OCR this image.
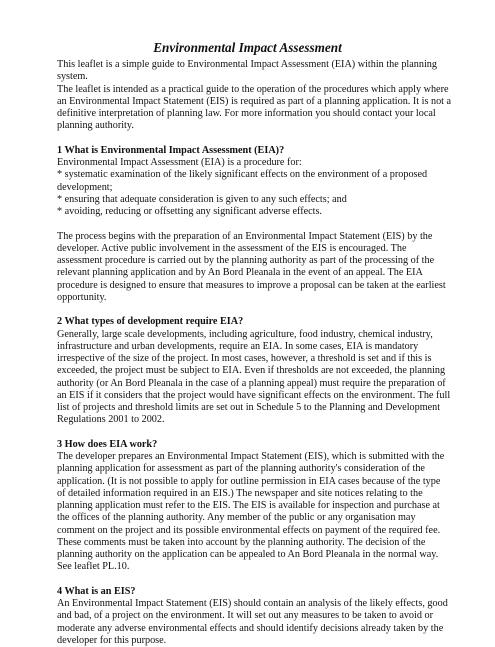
Environmental Impact Assessment

This leaflet is a simple guide to Environmental Impact Assessment (EIA) within the planning
system.
The leaflet is intended as a practical guide to the operation of the procedures which apply where
an Environmental Impact Statement (EIS) is required as part of a planning application. It is not a
definitive interpretation of planning law. For more information you should contact your local
planning authority.

1 What is Environmental Impact Assessment (EIA)?
Environmental Impact Assessment (EIA) is a procedure for:
* systematic examination of the likely significant effects on the environment of a proposed
development;
* ensuring that adequate consideration is given to any such effects; and
* avoiding, reducing or offsetting any significant adverse effects.

The process begins with the preparation of an Environmental Impact Statement (EIS) by the
developer. Active public involvement in the assessment of the EIS is encouraged. The
assessment procedure is carried out by the planning authority as part of the processing of the
relevant planning application and by An Bord Pleanala in the event of an appeal. The EIA
procedure is designed to ensure that measures to improve a proposal can be taken at the earliest
opportunity.

2 What types of development require EIA?
Generally, large scale developments, including agriculture, food industry, chemical industry,
infrastructure and urban developments, require an EIA. In some cases, EIA is mandatory
irrespective of the size of the project. In most cases, however, a threshold is set and if this is
exceeded, the project must be subject to EIA. Even if thresholds are not exceeded, the planning
authority (or An Bord Pleanala in the case of a planning appeal) must require the preparation of
an EIS if it considers that the project would have significant effects on the environment. The full
list of projects and threshold limits are set out in Schedule 5 to the Planning and Development
Regulations 2001 to 2002.

3 How does EIA work?
The developer prepares an Environmental Impact Statement (EIS), which is submitted with the
planning application for assessment as part of the planning authority's consideration of the
application. (It is not possible to apply for outline permission in EIA cases because of the type
of detailed information required in an EIS.) The newspaper and site notices relating to the
planning application must refer to the EIS. The EIS is available for inspection and purchase at
the offices of the planning authority. Any member of the public or any organisation may
comment on the project and its possible environmental effects on payment of the required fee.
These comments must be taken into account by the planning authority. The decision of the
planning authority on the application can be appealed to An Bord Pleanala in the normal way.
See leaflet PL.10.

4 What is an EIS?
An Environmental Impact Statement (EIS) should contain an analysis of the likely effects, good
and bad, of a project on the environment. It will set out any measures to be taken to avoid or
moderate any adverse environmental effects and should identify decisions already taken by the
developer for this purpose.
